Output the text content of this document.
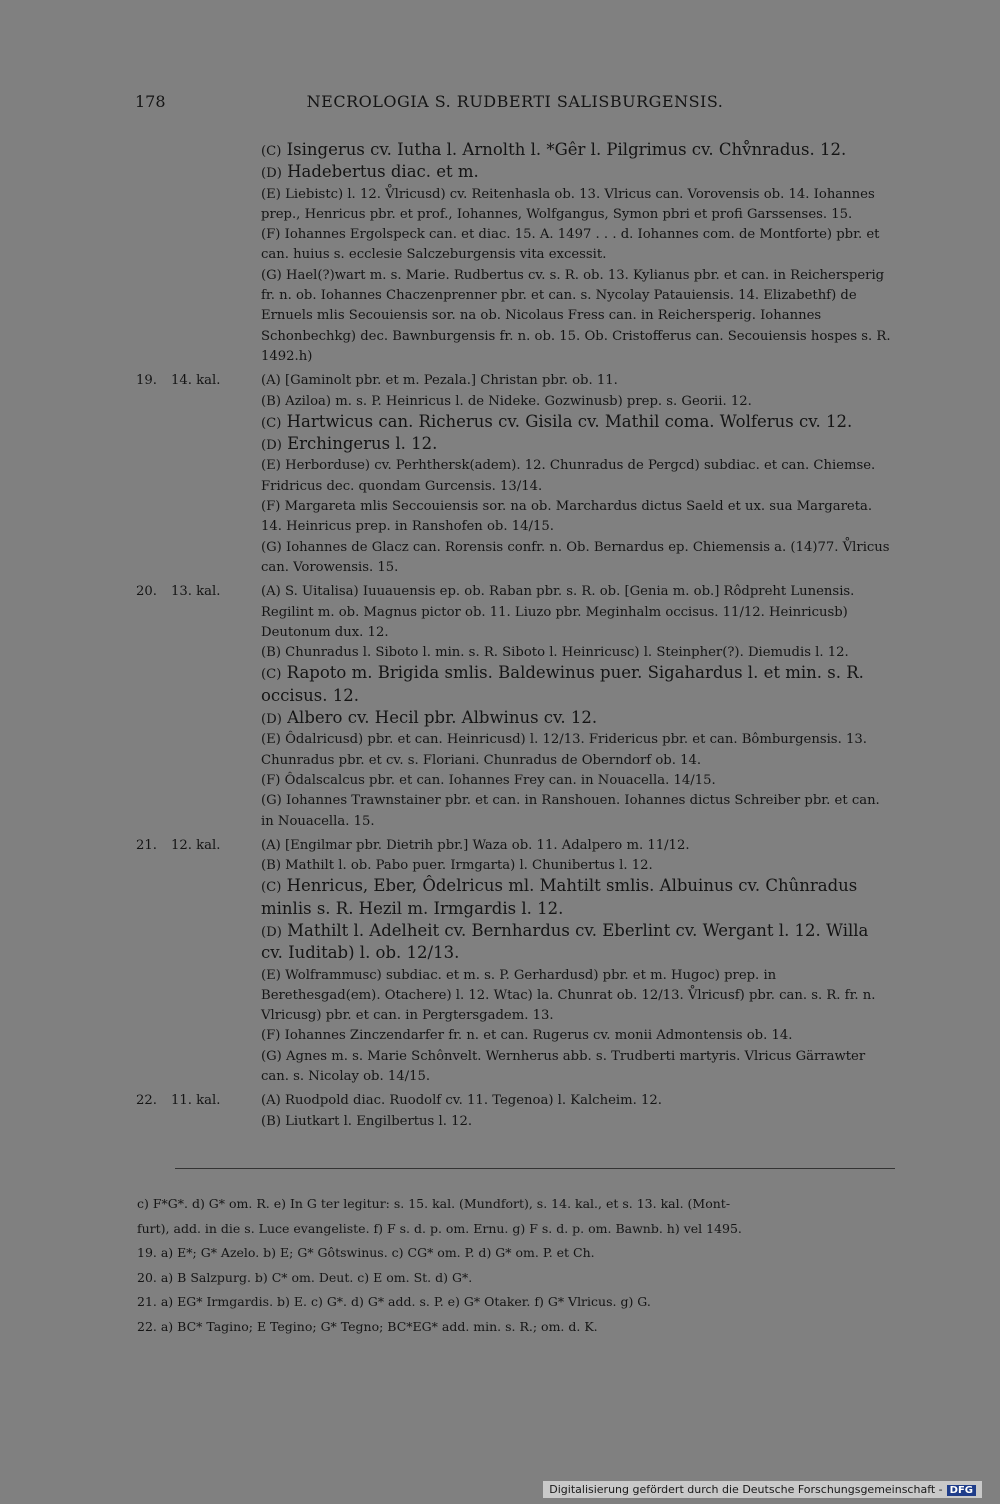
178	NECROLOGIA S. RUDBERTI SALISBURGENSIS.
(C) Isingerus cv. Iutha l. Arnolth l. *Gêr l. Pilgrimus cv. Chv̊nradus. 12.
(D) Hadebertus diac. et m.
(E) Liebistc) l. 12. V̊lricusd) cv. Reitenhasla ob. 13. Vlricus can. Vorovensis ob. 14. Iohannes prep., Henricus pbr. et prof., Iohannes, Wolfgangus, Symon pbri et profi Garssenses. 15.
(F) Iohannes Ergolspeck can. et diac. 15. A. 1497 . . . d. Iohannes com. de Montforte) pbr. et can. huius s. ecclesie Salczeburgensis vita excessit.
(G) Hael(?)wart m. s. Marie. Rudbertus cv. s. R. ob. 13. Kylianus pbr. et can. in Reichersperig fr. n. ob. Iohannes Chaczenprenner pbr. et can. s. Nycolay Patauiensis. 14. Elizabethf) de Ernuels mlis Secouiensis sor. na ob. Nicolaus Fress can. in Reichersperig. Iohannes Schonbechkg) dec. Bawnburgensis fr. n. ob. 15. Ob. Cristofferus can. Secouiensis hospes s. R. 1492.h)
19. 14. kal.	(A) [Gaminolt pbr. et m. Pezala.] Christan pbr. ob. 11.
(B) Aziloa) m. s. P. Heinricus l. de Nideke. Gozwinusb) prep. s. Georii. 12.
(C) Hartwicus can. Richerus cv. Gisila cv. Mathil coma. Wolferus cv. 12.
(D) Erchingerus l. 12.
(E) Herborduse) cv. Perhthersk(adem). 12. Chunradus de Pergcd) subdiac. et can. Chiemse. Fridricus dec. quondam Gurcensis. 13/14.
(F) Margareta mlis Seccouiensis sor. na ob. Marchardus dictus Saeld et ux. sua Margareta. 14. Heinricus prep. in Ranshofen ob. 14/15.
(G) Iohannes de Glacz can. Rorensis confr. n. Ob. Bernardus ep. Chiemensis a. (14)77. V̊lricus can. Vorowensis. 15.
20. 13. kal.	(A) S. Uitalisa) Iuuauensis ep. ob. Raban pbr. s. R. ob. [Genia m. ob.] Rôdpreht Lunensis. Regilint m. ob. Magnus pictor ob. 11. Liuzo pbr. Meginhalm occisus. 11/12. Heinricusb) Deutonum dux. 12.
(B) Chunradus l. Siboto l. min. s. R. Siboto l. Heinricusc) l. Steinpher(?). Diemudis l. 12.
(C) Rapoto m. Brigida smlis. Baldewinus puer. Sigahardus l. et min. s. R. occisus. 12.
(D) Albero cv. Hecil pbr. Albwinus cv. 12.
(E) Ôdalricusd) pbr. et can. Heinricusd) l. 12/13. Fridericus pbr. et can. Bômburgensis. 13. Chunradus pbr. et cv. s. Floriani. Chunradus de Oberndorf ob. 14.
(F) Ôdalscalcus pbr. et can. Iohannes Frey can. in Nouacella. 14/15.
(G) Iohannes Trawnstainer pbr. et can. in Ranshouen. Iohannes dictus Schreiber pbr. et can. in Nouacella. 15.
21. 12. kal.	(A) [Engilmar pbr. Dietrih pbr.] Waza ob. 11. Adalpero m. 11/12.
(B) Mathilt l. ob. Pabo puer. Irmgarta) l. Chunibertus l. 12.
(C) Henricus, Eber, Ôdelricus ml. Mahtilt smlis. Albuinus cv. Chûnradus minlis s. R. Hezil m. Irmgardis l. 12.
(D) Mathilt l. Adelheit cv. Bernhardus cv. Eberlint cv. Wergant l. 12. Willa cv. Iuditab) l. ob. 12/13.
(E) Wolframmusc) subdiac. et m. s. P. Gerhardusd) pbr. et m. Hugoc) prep. in Berethesgad(em). Otachere) l. 12. Wtac) la. Chunrat ob. 12/13. V̊lricusf) pbr. can. s. R. fr. n. Vlricusg) pbr. et can. in Pergtersgadem. 13.
(F) Iohannes Zinczendarfer fr. n. et can. Rugerus cv. monii Admontensis ob. 14.
(G) Agnes m. s. Marie Schônvelt. Wernherus abb. s. Trudberti martyris. Vlricus Gärrawter can. s. Nicolay ob. 14/15.
22. 11. kal.	(A) Ruodpold diac. Ruodolf cv. 11. Tegenoa) l. Kalcheim. 12.
(B) Liutkart l. Engilbertus l. 12.
c) F*G*. d) G* om. R. e) In G ter legitur: s. 15. kal. (Mundfort), s. 14. kal., et s. 13. kal. (Mont-
furt), add. in die s. Luce evangeliste. f) F s. d. p. om. Ernu. g) F s. d. p. om. Bawnb. h) vel 1495.
19. a) E*; G* Azelo. b) E; G* Gôtswinus. c) CG* om. P. d) G* om. P. et Ch.
20. a) B Salzpurg. b) C* om. Deut. c) E om. St. d) G*.
21. a) EG* Irmgardis. b) E. c) G*. d) G* add. s. P. e) G* Otaker. f) G* Vlricus. g) G.
22. a) BC* Tagino; E Tegino; G* Tegno; BC*EG* add. min. s. R.; om. d. K.
Digitalisierung gefördert durch die Deutsche Forschungsgemeinschaft - DFG
